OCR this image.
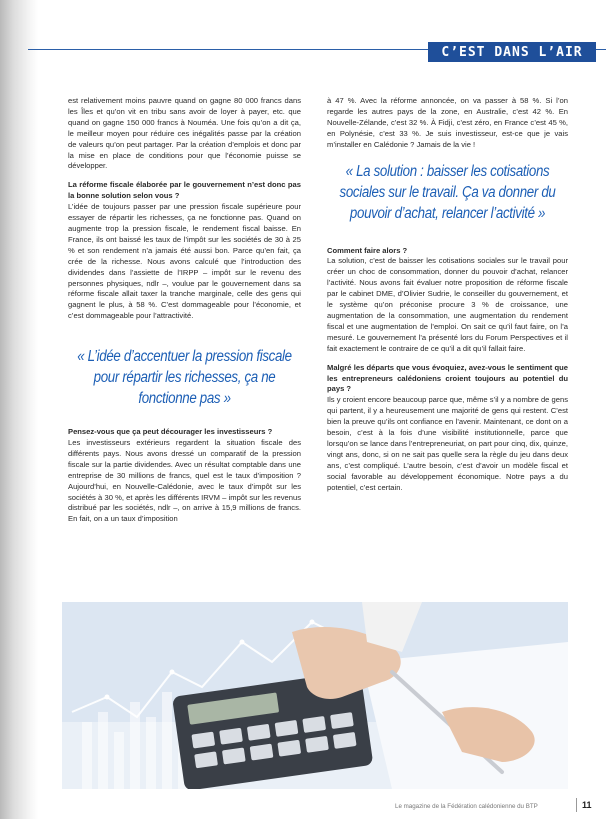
C’EST DANS L’AIR

est relativement moins pauvre quand on gagne 80 000 francs dans les Îles et qu’on vit en tribu sans avoir de loyer à payer, etc. que quand on gagne 150 000 francs à Nouméa. Une fois qu’on a dit ça, le meilleur moyen pour réduire ces inégalités passe par la création de valeurs qu’on peut partager. Par la création d’emplois et donc par la mise en place de conditions pour que l’économie puisse se développer.

La réforme fiscale élaborée par le gouvernement n’est donc pas la bonne solution selon vous ?

L’idée de toujours passer par une pression fiscale supérieure pour essayer de répartir les richesses, ça ne fonctionne pas. Quand on augmente trop la pression fiscale, le rendement fiscal baisse. En France, ils ont baissé les taux de l’impôt sur les sociétés de 30 à 25 % et son rendement n’a jamais été aussi bon. Parce qu’en fait, ça crée de la richesse. Nous avons calculé que l’introduction des dividendes dans l’assiette de l’IRPP – impôt sur le revenu des personnes physiques, ndlr –, voulue par le gouvernement dans sa réforme fiscale allait taxer la tranche marginale, celle des gens qui gagnent le plus, à 58 %. C’est dommageable pour l’économie, et c’est dommageable pour l’attractivité.

« L’idée d’accentuer la pression fiscale pour répartir les richesses, ça ne fonctionne pas »

Pensez-vous que ça peut décourager les investisseurs ?

Les investisseurs extérieurs regardent la situation fiscale des différents pays. Nous avons dressé un comparatif de la pression fiscale sur la partie dividendes. Avec un résultat comptable dans une entreprise de 30 millions de francs, quel est le taux d’imposition ? Aujourd’hui, en Nouvelle-Calédonie, avec le taux d’impôt sur les sociétés à 30 %, et après les différents IRVM – impôt sur les revenus distribué par les sociétés, ndlr –, on arrive à 15,9 millions de francs. En fait, on a un taux d’imposition

à 47 %. Avec la réforme annoncée, on va passer à 58 %. Si l’on regarde les autres pays de la zone, en Australie, c’est 42 %. En Nouvelle-Zélande, c’est 32 %. À Fidji, c’est zéro, en France c’est 45 %, en Polynésie, c’est 33 %. Je suis investisseur, est-ce que je vais m’installer en Calédonie ? Jamais de la vie !

« La solution : baisser les cotisations sociales sur le travail. Ça va donner du pouvoir d’achat, relancer l’activité »

Comment faire alors ?

La solution, c’est de baisser les cotisations sociales sur le travail pour créer un choc de consommation, donner du pouvoir d’achat, relancer l’activité. Nous avons fait évaluer notre proposition de réforme fiscale par le cabinet DME, d’Olivier Sudrie, le conseiller du gouvernement, et le système qu’on préconise procure 3 % de croissance, une augmentation de la consommation, une augmentation du rendement fiscal et une augmentation de l’emploi. On sait ce qu’il faut faire, on l’a mesuré. Le gouvernement l’a présenté lors du Forum Perspectives et il fait exactement le contraire de ce qu’il a dit qu’il fallait faire.

Malgré les départs que vous évoquiez, avez-vous le sentiment que les entrepreneurs calédoniens croient toujours au potentiel du pays ?

Ils y croient encore beaucoup parce que, même s’il y a nombre de gens qui partent, il y a heureusement une majorité de gens qui restent. C’est bien la preuve qu’ils ont confiance en l’avenir. Maintenant, ce dont on a besoin, c’est à la fois d’une visibilité institutionnelle, parce que lorsqu’on se lance dans l’entrepreneuriat, on part pour cinq, dix, quinze, vingt ans, donc, si on ne sait pas quelle sera la règle du jeu dans deux ans, c’est compliqué. L’autre besoin, c’est d’avoir un modèle fiscal et social favorable au développement économique. Notre pays a du potentiel, c’est certain.

Le magazine de la Fédération calédonienne du BTP	11
